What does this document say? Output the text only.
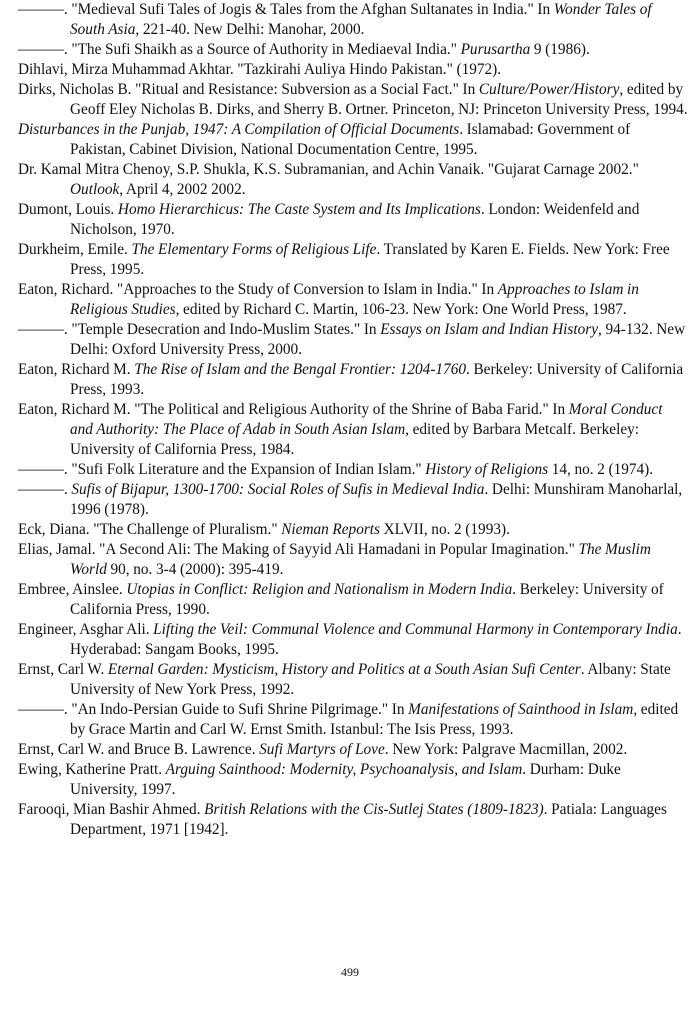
———. "Medieval Sufi Tales of Jogis & Tales from the Afghan Sultanates in India." In Wonder Tales of South Asia, 221-40. New Delhi: Manohar, 2000.

———. "The Sufi Shaikh as a Source of Authority in Mediaeval India." Purusartha 9 (1986).

Dihlavi, Mirza Muhammad Akhtar. "Tazkirahi Auliya Hindo Pakistan." (1972).

Dirks, Nicholas B. "Ritual and Resistance: Subversion as a Social Fact." In Culture/Power/History, edited by Geoff Eley Nicholas B. Dirks, and Sherry B. Ortner. Princeton, NJ: Princeton University Press, 1994.

Disturbances in the Punjab, 1947: A Compilation of Official Documents. Islamabad: Government of Pakistan, Cabinet Division, National Documentation Centre, 1995.

Dr. Kamal Mitra Chenoy, S.P. Shukla, K.S. Subramanian, and Achin Vanaik. "Gujarat Carnage 2002." Outlook, April 4, 2002 2002.

Dumont, Louis. Homo Hierarchicus: The Caste System and Its Implications. London: Weidenfeld and Nicholson, 1970.

Durkheim, Emile. The Elementary Forms of Religious Life. Translated by Karen E. Fields. New York: Free Press, 1995.

Eaton, Richard. "Approaches to the Study of Conversion to Islam in India." In Approaches to Islam in Religious Studies, edited by Richard C. Martin, 106-23. New York: One World Press, 1987.

———. "Temple Desecration and Indo-Muslim States." In Essays on Islam and Indian History, 94-132. New Delhi: Oxford University Press, 2000.

Eaton, Richard M. The Rise of Islam and the Bengal Frontier: 1204-1760. Berkeley: University of California Press, 1993.

Eaton, Richard M. "The Political and Religious Authority of the Shrine of Baba Farid." In Moral Conduct and Authority: The Place of Adab in South Asian Islam, edited by Barbara Metcalf. Berkeley: University of California Press, 1984.

———. "Sufi Folk Literature and the Expansion of Indian Islam." History of Religions 14, no. 2 (1974).

———. Sufis of Bijapur, 1300-1700: Social Roles of Sufis in Medieval India. Delhi: Munshiram Manoharlal, 1996 (1978).

Eck, Diana. "The Challenge of Pluralism." Nieman Reports XLVII, no. 2 (1993).

Elias, Jamal. "A Second Ali: The Making of Sayyid Ali Hamadani in Popular Imagination." The Muslim World 90, no. 3-4 (2000): 395-419.

Embree, Ainslee. Utopias in Conflict: Religion and Nationalism in Modern India. Berkeley: University of California Press, 1990.

Engineer, Asghar Ali. Lifting the Veil: Communal Violence and Communal Harmony in Contemporary India. Hyderabad: Sangam Books, 1995.

Ernst, Carl W. Eternal Garden: Mysticism, History and Politics at a South Asian Sufi Center. Albany: State University of New York Press, 1992.

———. "An Indo-Persian Guide to Sufi Shrine Pilgrimage." In Manifestations of Sainthood in Islam, edited by Grace Martin and Carl W. Ernst Smith. Istanbul: The Isis Press, 1993.

Ernst, Carl W. and Bruce B. Lawrence. Sufi Martyrs of Love. New York: Palgrave Macmillan, 2002.

Ewing, Katherine Pratt. Arguing Sainthood: Modernity, Psychoanalysis, and Islam. Durham: Duke University, 1997.

Farooqi, Mian Bashir Ahmed. British Relations with the Cis-Sutlej States (1809-1823). Patiala: Languages Department, 1971 [1942].

499
